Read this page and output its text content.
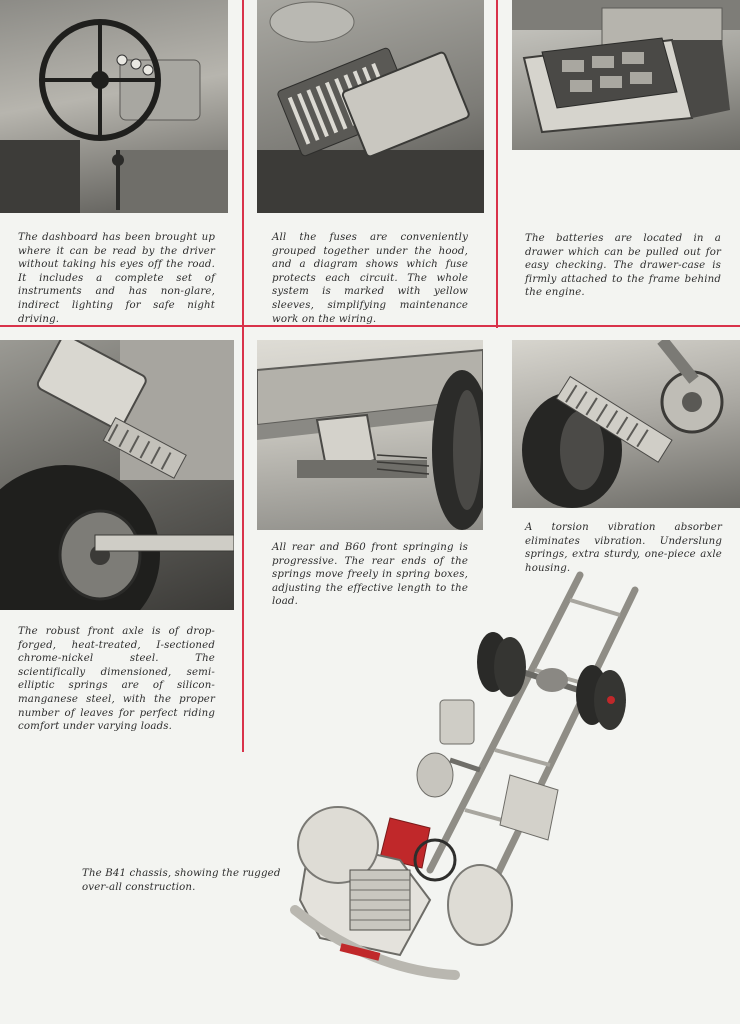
The dashboard has been brought up where it can be read by the driver without taking his eyes off the road. It includes a complete set of instruments and has non-glare, indirect lighting for safe night driving.

All the fuses are conveniently grouped together under the hood, and a diagram shows which fuse protects each circuit. The whole system is marked with yellow sleeves, simplifying maintenance work on the wiring.

The batteries are located in a drawer which can be pulled out for easy checking. The drawer-case is firmly attached to the frame behind the engine.

The robust front axle is of drop-forged, heat-treated, I-sectioned chrome-nickel steel. The scientifically dimensioned, semi-elliptic springs are of silicon-manganese steel, with the proper number of leaves for perfect riding comfort under varying loads.

All rear and B60 front springing is progressive. The rear ends of the springs move freely in spring boxes, adjusting the effective length to the load.

A torsion vibration absorber eliminates vibration. Underslung springs, extra sturdy, one-piece axle housing.

The B41 chassis, showing the rugged over-all construction.
